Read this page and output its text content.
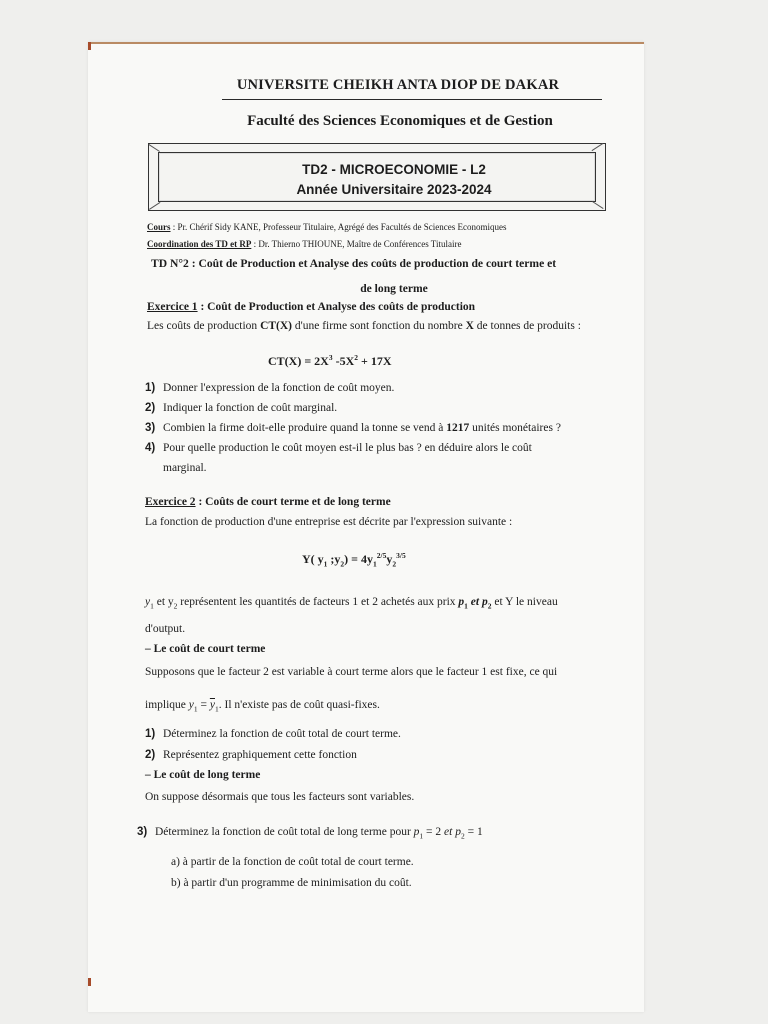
UNIVERSITE CHEIKH ANTA DIOP DE DAKAR
Faculté des Sciences Economiques et de Gestion
TD2 - MICROECONOMIE - L2
Année Universitaire 2023-2024
Cours : Pr. Chérif Sidy KANE, Professeur Titulaire, Agrégé des Facultés de Sciences Economiques
Coordination des TD et RP : Dr. Thierno THIOUNE, Maître de Conférences Titulaire
TD N°2 : Coût de Production et Analyse des coûts de production de court terme et
de long terme
Exercice 1 : Coût de Production et Analyse des coûts de production
Les coûts de production CT(X) d'une firme sont fonction du nombre X de tonnes de produits :
$CT(X) = 2X^3$ $-5X^2 + 17X$
1) Donner l'expression de la fonction de coût moyen.
2) Indiquer la fonction de coût marginal.
3) Combien la firme doit-elle produire quand la tonne se vend à 1217 unités monétaires ?
4) Pour quelle production le coût moyen est-il le plus bas ? en déduire alors le coût
marginal.
Exercice 2 : Coûts de court terme et de long terme
La fonction de production d'une entreprise est décrite par l'expression suivante :
Y( $y_1$ $;y_2) = 4y_1^{2/5}y_2^{3/5}$
$y_1$ et $y_2$ représentent les quantités de facteurs 1 et 2 achetés aux prix $p_1$ et $p_2$ et Y le niveau
d'output.
– Le coût de court terme
Supposons que le facteur 2 est variable à court terme alors que le facteur 1 est fixe, ce qui
implique $y_1 = \overline{y}_1$. Il n'existe pas de coût quasi-fixes.
1) Déterminez la fonction de coût total de court terme.
2) Représentez graphiquement cette fonction
– Le coût de long terme
On suppose désormais que tous les facteurs sont variables.
3) Déterminez la fonction de coût total de long terme pour $p_1 = 2$ et $p_2 = 1$
a) à partir de la fonction de coût total de court terme.
b) à partir d'un programme de minimisation du coût.
